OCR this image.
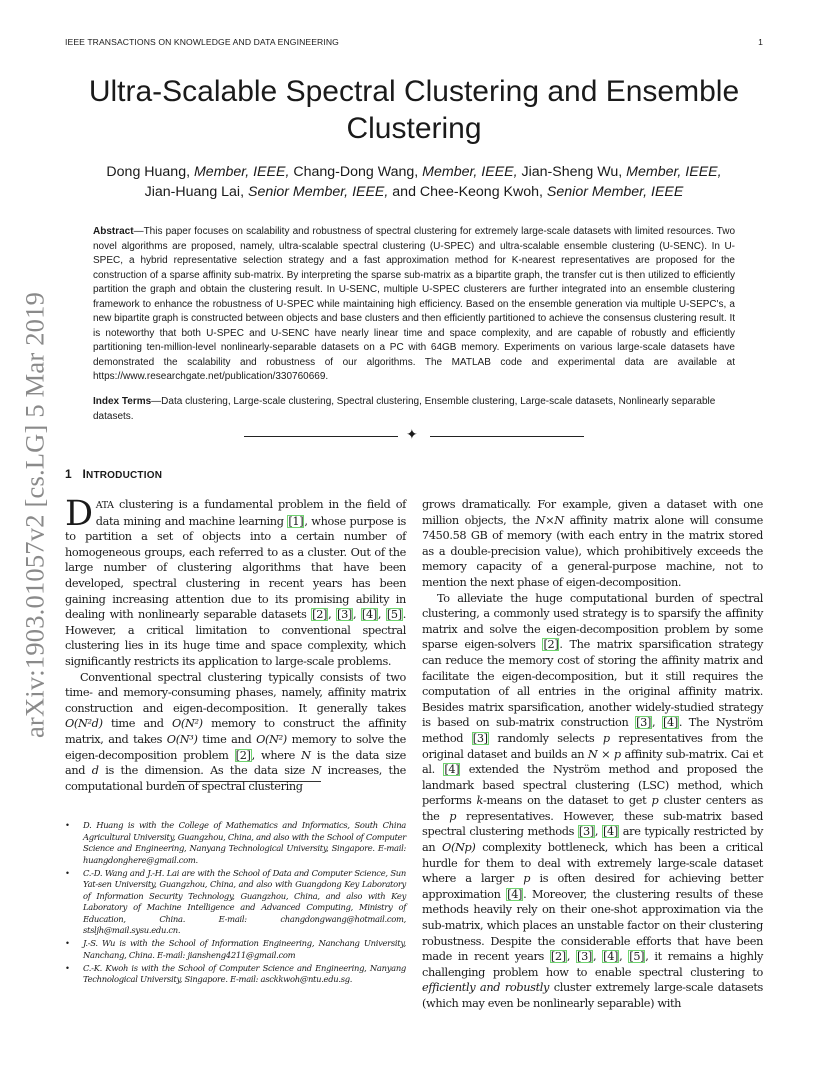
IEEE TRANSACTIONS ON KNOWLEDGE AND DATA ENGINEERING	1
arXiv:1903.01057v2 [cs.LG] 5 Mar 2019
Ultra-Scalable Spectral Clustering and Ensemble Clustering
Dong Huang, Member, IEEE, Chang-Dong Wang, Member, IEEE, Jian-Sheng Wu, Member, IEEE,
Jian-Huang Lai, Senior Member, IEEE, and Chee-Keong Kwoh, Senior Member, IEEE
Abstract—This paper focuses on scalability and robustness of spectral clustering for extremely large-scale datasets with limited resources. Two novel algorithms are proposed, namely, ultra-scalable spectral clustering (U-SPEC) and ultra-scalable ensemble clustering (U-SENC). In U-SPEC, a hybrid representative selection strategy and a fast approximation method for K-nearest representatives are proposed for the construction of a sparse affinity sub-matrix. By interpreting the sparse sub-matrix as a bipartite graph, the transfer cut is then utilized to efficiently partition the graph and obtain the clustering result. In U-SENC, multiple U-SPEC clusterers are further integrated into an ensemble clustering framework to enhance the robustness of U-SPEC while maintaining high efficiency. Based on the ensemble generation via multiple U-SEPC's, a new bipartite graph is constructed between objects and base clusters and then efficiently partitioned to achieve the consensus clustering result. It is noteworthy that both U-SPEC and U-SENC have nearly linear time and space complexity, and are capable of robustly and efficiently partitioning ten-million-level nonlinearly-separable datasets on a PC with 64GB memory. Experiments on various large-scale datasets have demonstrated the scalability and robustness of our algorithms. The MATLAB code and experimental data are available at https://www.researchgate.net/publication/330760669.
Index Terms—Data clustering, Large-scale clustering, Spectral clustering, Ensemble clustering, Large-scale datasets, Nonlinearly separable datasets.
✦
1 INTRODUCTION

DATA clustering is a fundamental problem in the field of data mining and machine learning [1], whose purpose is to partition a set of objects into a certain number of homogeneous groups, each referred to as a cluster. Out of the large number of clustering algorithms that have been developed, spectral clustering in recent years has been gaining increasing attention due to its promising ability in dealing with nonlinearly separable datasets [2], [3], [4], [5]. However, a critical limitation to conventional spectral clustering lies in its huge time and space complexity, which significantly restricts its application to large-scale problems.

Conventional spectral clustering typically consists of two time- and memory-consuming phases, namely, affinity matrix construction and eigen-decomposition. It generally takes O(N²d) time and O(N²) memory to construct the affinity matrix, and takes O(N³) time and O(N²) memory to solve the eigen-decomposition problem [2], where N is the data size and d is the dimension. As the data size N increases, the computational burden of spectral clustering

• D. Huang is with the College of Mathematics and Informatics, South China Agricultural University, Guangzhou, China, and also with the School of Computer Science and Engineering, Nanyang Technological University, Singapore. E-mail: huangdonghere@gmail.com.
• C.-D. Wang and J.-H. Lai are with the School of Data and Computer Science, Sun Yat-sen University, Guangzhou, China, and also with Guangdong Key Laboratory of Information Security Technology, Guangzhou, China, and also with Key Laboratory of Machine Intelligence and Advanced Computing, Ministry of Education, China. E-mail: changdongwang@hotmail.com, stsljh@mail.sysu.edu.cn.
• J.-S. Wu is with the School of Information Engineering, Nanchang University, Nanchang, China. E-mail: jiansheng4211@gmail.com
• C.-K. Kwoh is with the School of Computer Science and Engineering, Nanyang Technological University, Singapore. E-mail: asckkwoh@ntu.edu.sg.

grows dramatically. For example, given a dataset with one million objects, the N×N affinity matrix alone will consume 7450.58 GB of memory (with each entry in the matrix stored as a double-precision value), which prohibitively exceeds the memory capacity of a general-purpose machine, not to mention the next phase of eigen-decomposition.

To alleviate the huge computational burden of spectral clustering, a commonly used strategy is to sparsify the affinity matrix and solve the eigen-decomposition problem by some sparse eigen-solvers [2]. The matrix sparsification strategy can reduce the memory cost of storing the affinity matrix and facilitate the eigen-decomposition, but it still requires the computation of all entries in the original affinity matrix. Besides matrix sparsification, another widely-studied strategy is based on sub-matrix construction [3], [4]. The Nyström method [3] randomly selects p representatives from the original dataset and builds an N × p affinity sub-matrix. Cai et al. [4] extended the Nyström method and proposed the landmark based spectral clustering (LSC) method, which performs k-means on the dataset to get p cluster centers as the p representatives. However, these sub-matrix based spectral clustering methods [3], [4] are typically restricted by an O(Np) complexity bottleneck, which has been a critical hurdle for them to deal with extremely large-scale dataset where a larger p is often desired for achieving better approximation [4]. Moreover, the clustering results of these methods heavily rely on their one-shot approximation via the sub-matrix, which places an unstable factor on their clustering robustness. Despite the considerable efforts that have been made in recent years [2], [3], [4], [5], it remains a highly challenging problem how to enable spectral clustering to efficiently and robustly cluster extremely large-scale datasets (which may even be nonlinearly separable) with
